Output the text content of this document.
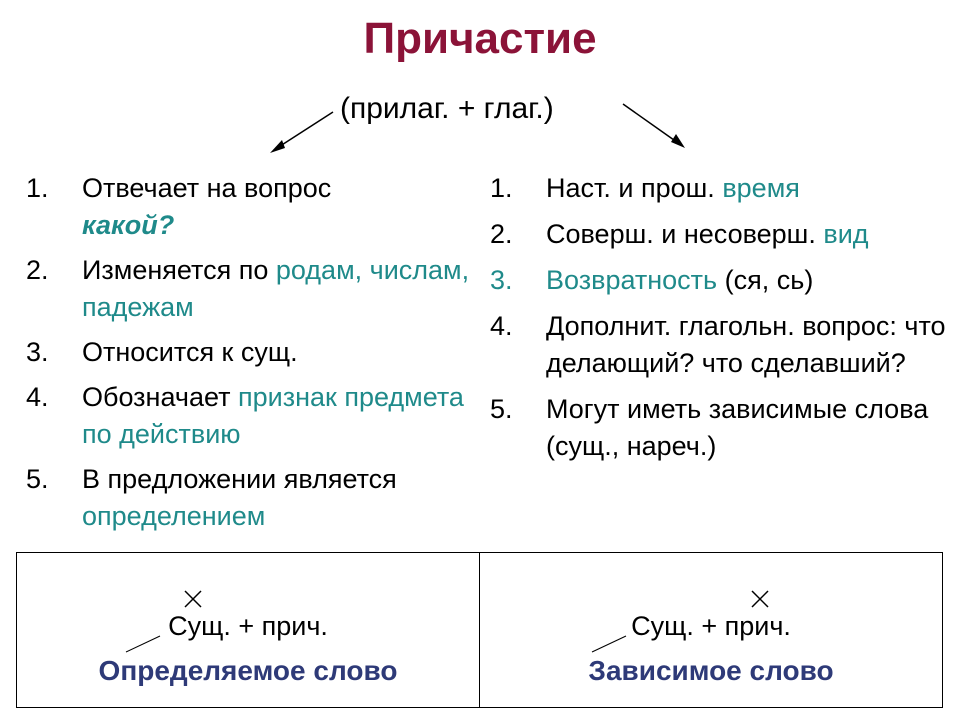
Причастие
(прилаг. + глаг.)
1. Отвечает на вопрос
какой?
2. Изменяется по родам, числам, падежам
3. Относится к сущ.
4. Обозначает признак предмета по действию
5. В предложении является
определением
1. Наст. и прош. время
2. Соверш. и несоверш. вид
3. Возвратность (ся, сь)
4. Дополнит. глагольн. вопрос: что делающий? что сделавший?
5. Могут иметь зависимые слова (сущ., нареч.)
Сущ. + прич.
Определяемое слово
Сущ. + прич.
Зависимое слово
